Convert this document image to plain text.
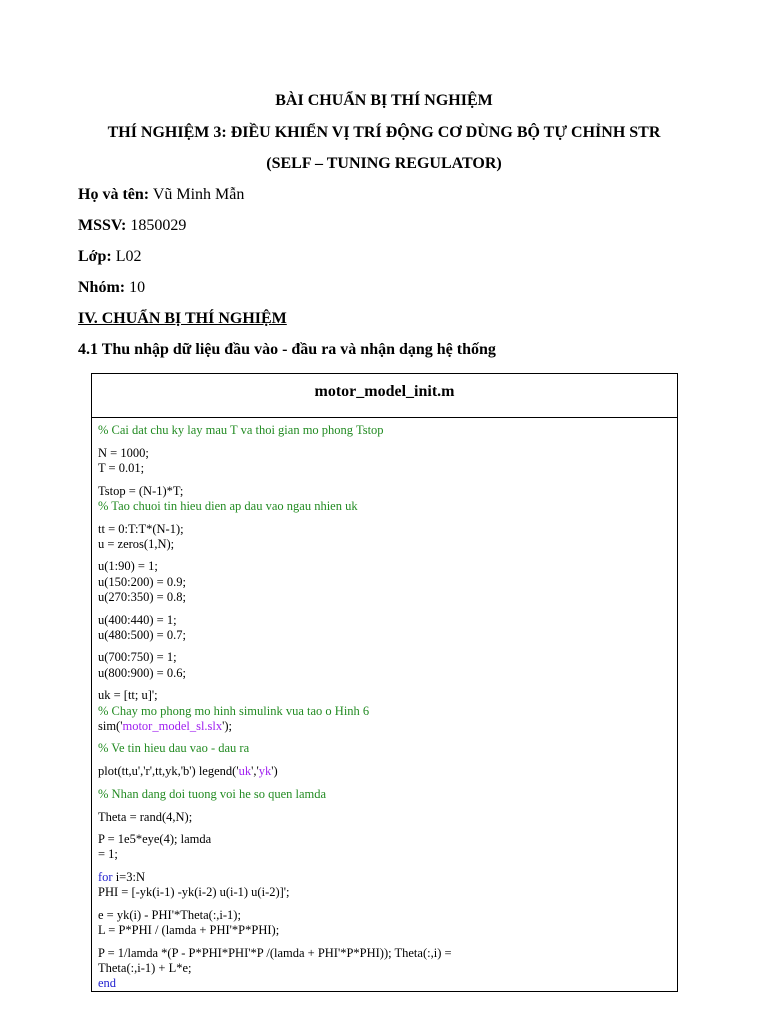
BÀI CHUẨN BỊ THÍ NGHIỆM
THÍ NGHIỆM 3: ĐIỀU KHIỂN VỊ TRÍ ĐỘNG CƠ DÙNG BỘ TỰ CHỈNH STR
(SELF – TUNING REGULATOR)
Họ và tên: Vũ Minh Mẫn
MSSV: 1850029
Lớp: L02
Nhóm: 10
IV. CHUẨN BỊ THÍ NGHIỆM
4.1 Thu nhập dữ liệu đầu vào - đầu ra và nhận dạng hệ thống
motor_model_init.m
% Cai dat chu ky lay mau T va thoi gian mo phong Tstop
N = 1000;
T = 0.01;
Tstop = (N-1)*T;
% Tao chuoi tin hieu dien ap dau vao ngau nhien uk
tt = 0:T:T*(N-1);
u = zeros(1,N);
u(1:90) = 1;
u(150:200) = 0.9;
u(270:350) = 0.8;
u(400:440) = 1;
u(480:500) = 0.7;
u(700:750) = 1;
u(800:900) = 0.6;
uk = [tt; u]';
% Chay mo phong mo hinh simulink vua tao o Hinh 6
sim('motor_model_sl.slx');
% Ve tin hieu dau vao - dau ra
plot(tt,u','r',tt,yk,'b') legend('uk','yk')
% Nhan dang doi tuong voi he so quen lamda
Theta = rand(4,N);
P = 1e5*eye(4); lamda
= 1;
for i=3:N
PHI = [-yk(i-1) -yk(i-2) u(i-1) u(i-2)]';
e = yk(i) - PHI'*Theta(:,i-1);
L = P*PHI / (lamda + PHI'*P*PHI);
P = 1/lamda *(P - P*PHI*PHI'*P /(lamda + PHI'*P*PHI)); Theta(:,i) =
Theta(:,i-1) + L*e;
end
